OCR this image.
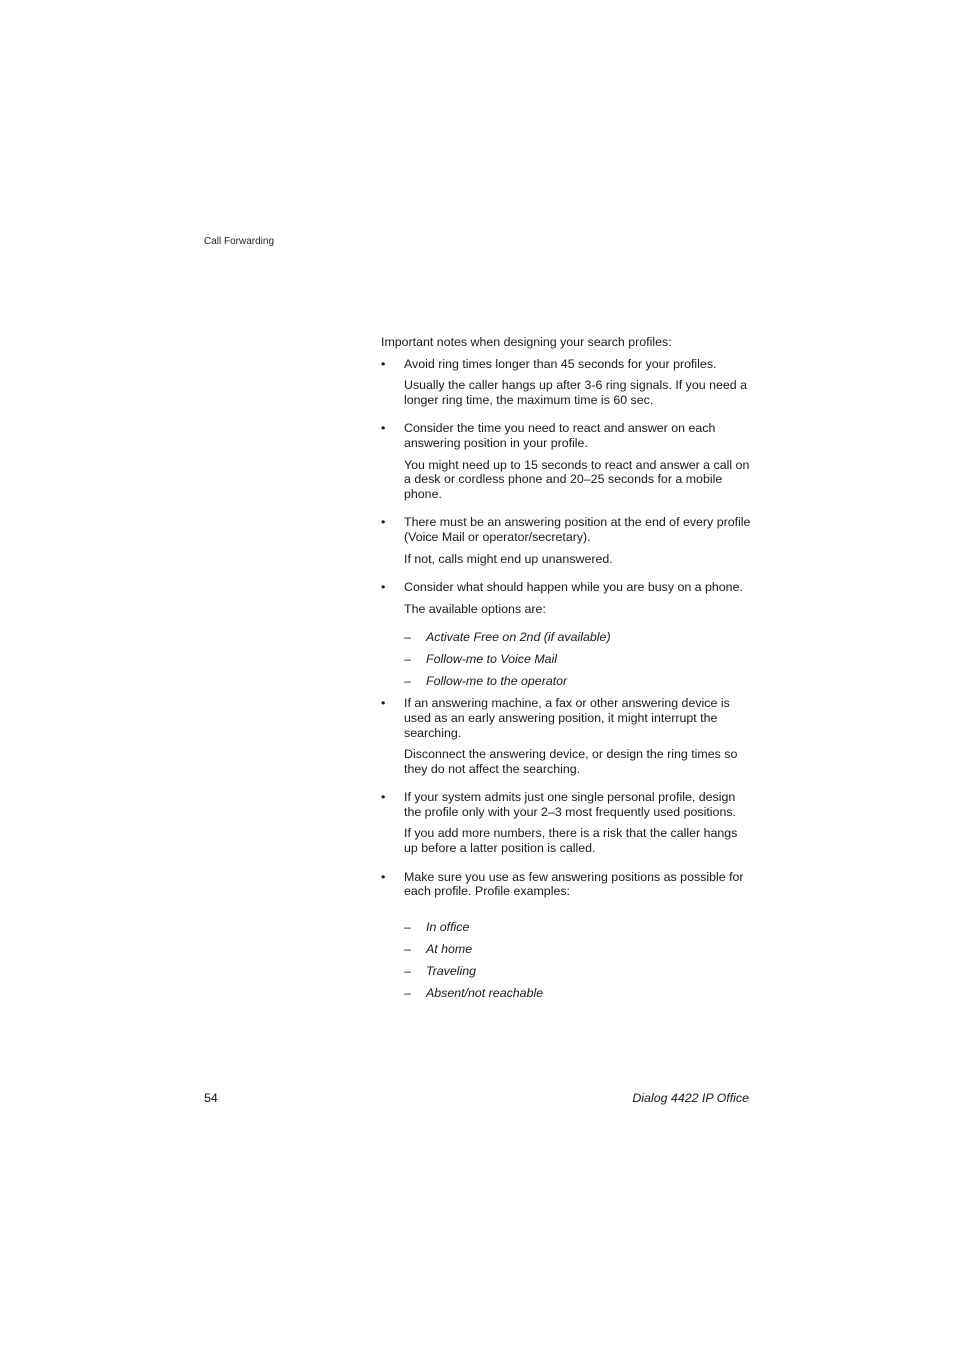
Call Forwarding

Important notes when designing your search profiles:

•	Avoid ring times longer than 45 seconds for your profiles.

Usually the caller hangs up after 3-6 ring signals. If you need a longer ring time, the maximum time is 60 sec.

•	Consider the time you need to react and answer on each answering position in your profile.

You might need up to 15 seconds to react and answer a call on a desk or cordless phone and 20–25 seconds for a mobile phone.

•	There must be an answering position at the end of every profile (Voice Mail or operator/secretary).

If not, calls might end up unanswered.

•	Consider what should happen while you are busy on a phone.

The available options are:

– Activate Free on 2nd (if available)
– Follow-me to Voice Mail
– Follow-me to the operator
•	If an answering machine, a fax or other answering device is used as an early answering position, it might interrupt the searching.

Disconnect the answering device, or design the ring times so they do not affect the searching.

•	If your system admits just one single personal profile, design the profile only with your 2–3 most frequently used positions.

If you add more numbers, there is a risk that the caller hangs up before a latter position is called.

•	Make sure you use as few answering positions as possible for each profile. Profile examples:

– In office
– At home
– Traveling
– Absent/not reachable
54	Dialog 4422 IP Office
